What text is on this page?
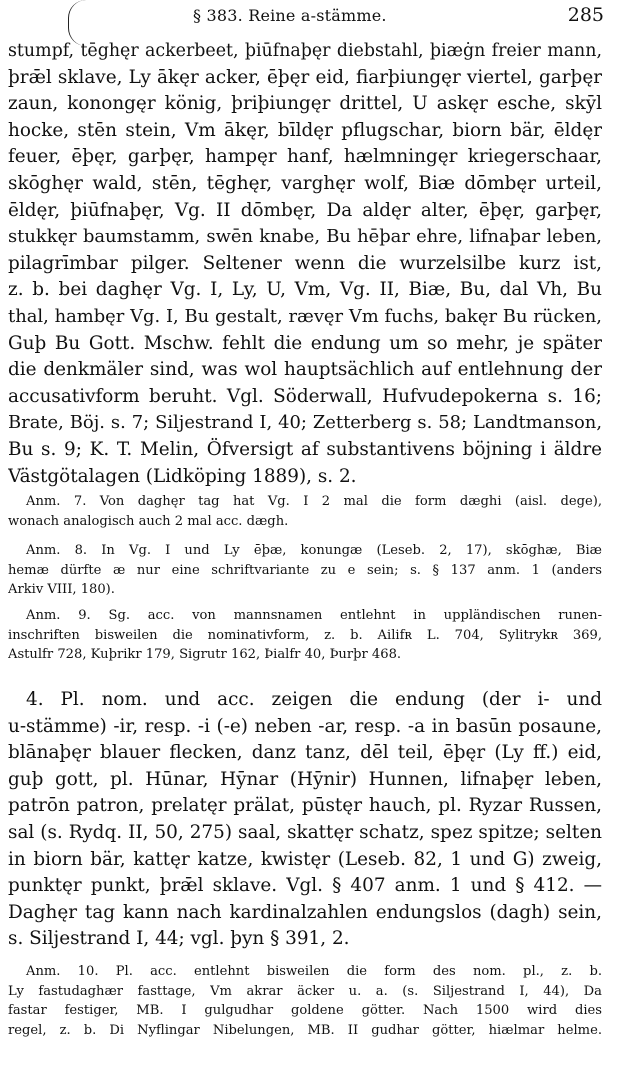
§ 383. Reine a-stämme.	285
stumpf, tēghęr ackerbeet, þiūfnaþęr diebstahl, þiæġn freier mann,
þrǣl sklave, Ly ākęr acker, ēþęr eid, fiarþiungęr viertel, garþęr
zaun, konongęr könig, þriþiungęr drittel, U askęr esche, skȳl
hocke, stēn stein, Vm ākęr, bīldęr pflugschar, biorn bär, ēldęr
feuer, ēþęr, garþęr, hampęr hanf, hælmningęr kriegerschaar,
skōghęr wald, stēn, tēghęr, varghęr wolf, Biæ dōmbęr urteil,
ēldęr, þiūfnaþęr, Vg. II dōmbęr, Da aldęr alter, ēþęr, garþęr,
stukkęr baumstamm, swēn knabe, Bu hēþar ehre, lifnaþar leben,
pilagrīmbar pilger. Seltener wenn die wurzelsilbe kurz ist,
z. b. bei daghęr Vg. I, Ly, U, Vm, Vg. II, Biæ, Bu, dal Vh, Bu
thal, hambęr Vg. I, Bu gestalt, rævęr Vm fuchs, bakęr Bu rücken,
Guþ Bu Gott. Mschw. fehlt die endung um so mehr, je später
die denkmäler sind, was wol hauptsächlich auf entlehnung der
accusativform beruht. Vgl. Söderwall, Hufvudepokerna s. 16;
Brate, Böj. s. 7; Siljestrand I, 40; Zetterberg s. 58; Landtmanson,
Bu s. 9; K. T. Melin, Öfversigt af substantivens böjning i äldre
Västgötalagen (Lidköping 1889), s. 2.
Anm. 7. Von daghęr tag hat Vg. I 2 mal die form dæghi (aisl. dege),
wonach analogisch auch 2 mal acc. dægh.
Anm. 8. In Vg. I und Ly ēþæ, konungæ (Leseb. 2, 17), skōghæ, Biæ
hemæ dürfte æ nur eine schriftvariante zu e sein; s. § 137 anm. 1 (anders
Arkiv VIII, 180).
Anm. 9. Sg. acc. von mannsnamen entlehnt in uppländischen runen-
inschriften bisweilen die nominativform, z. b. Ailifʀ L. 704, Sylitrykʀ 369,
Astulfr 728, Kuþrikr 179, Sigrutr 162, Þialfr 40, Þurþr 468.
4. Pl. nom. und acc. zeigen die endung (der i- und
u-stämme) -ir, resp. -i (-e) neben -ar, resp. -a in basūn posaune,
blānaþęr blauer flecken, danz tanz, dēl teil, ēþęr (Ly ff.) eid,
guþ gott, pl. Hūnar, Hȳnar (Hȳnir) Hunnen, lifnaþęr leben,
patrōn patron, prelatęr prälat, pūstęr hauch, pl. Ryzar Russen,
sal (s. Rydq. II, 50, 275) saal, skattęr schatz, spez spitze; selten
in biorn bär, kattęr katze, kwistęr (Leseb. 82, 1 und G) zweig,
punktęr punkt, þrǣl sklave. Vgl. § 407 anm. 1 und § 412. —
Daghęr tag kann nach kardinalzahlen endungslos (dagh) sein,
s. Siljestrand I, 44; vgl. þyn § 391, 2.
Anm. 10. Pl. acc. entlehnt bisweilen die form des nom. pl., z. b.
Ly fastudaghær fasttage, Vm akrar äcker u. a. (s. Siljestrand I, 44), Da
fastar festiger, MB. I gulgudhar goldene götter. Nach 1500 wird dies
regel, z. b. Di Nyflingar Nibelungen, MB. II gudhar götter, hiælmar helme.
